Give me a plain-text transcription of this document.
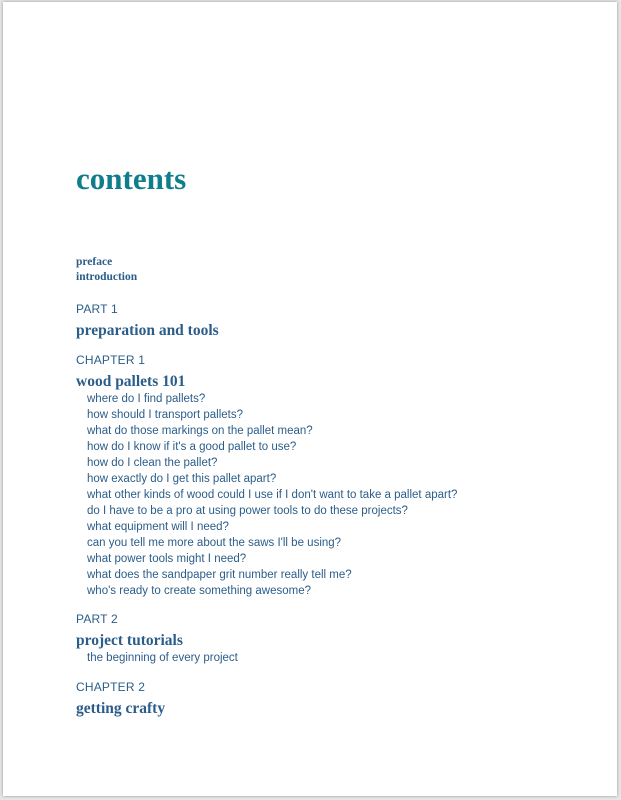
contents
preface
introduction
PART 1
preparation and tools
CHAPTER 1
wood pallets 101
where do I find pallets?
how should I transport pallets?
what do those markings on the pallet mean?
how do I know if it's a good pallet to use?
how do I clean the pallet?
how exactly do I get this pallet apart?
what other kinds of wood could I use if I don't want to take a pallet apart?
do I have to be a pro at using power tools to do these projects?
what equipment will I need?
can you tell me more about the saws I'll be using?
what power tools might I need?
what does the sandpaper grit number really tell me?
who's ready to create something awesome?
PART 2
project tutorials
the beginning of every project
CHAPTER 2
getting crafty
